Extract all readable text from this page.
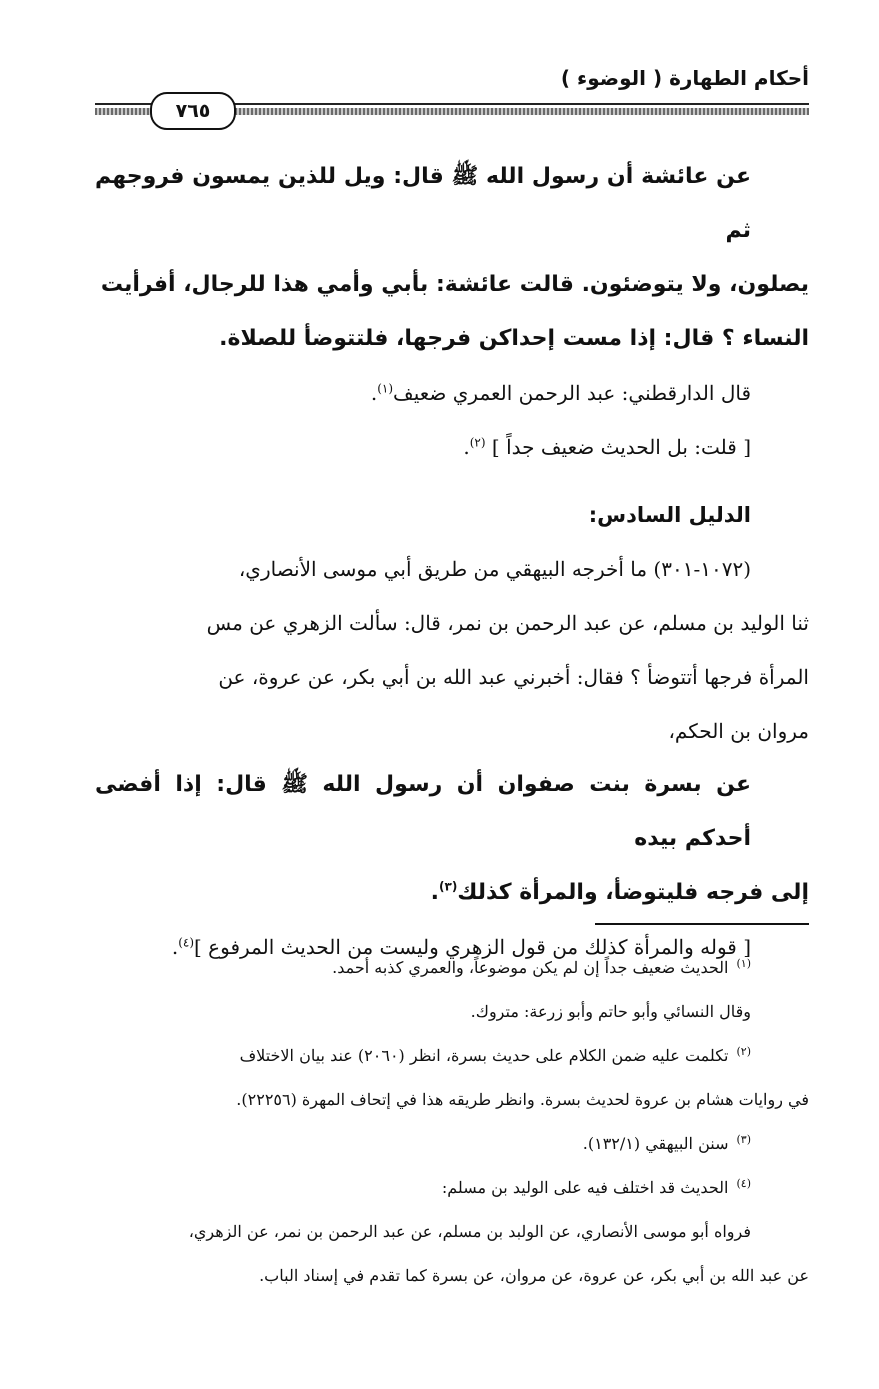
أحكام الطهارة ( الوضوء )
٧٦٥

عن عائشة أن رسول الله ﷺ قال: ويل للذين يمسون فروجهم ثم

يصلون، ولا يتوضئون. قالت عائشة: بأبي وأمي هذا للرجال، أفرأيت

النساء ؟ قال: إذا مست إحداكن فرجها، فلتتوضأ للصلاة.

قال الدارقطني: عبد الرحمن العمري ضعيف$^{(١)}$.

[ قلت: بل الحديث ضعيف جداً ] $^{(٢)}$.

الدليل السادس:

(١٠٧٢-٣٠١) ما أخرجه البيهقي من طريق أبي موسى الأنصاري،

ثنا الوليد بن مسلم، عن عبد الرحمن بن نمر، قال: سألت الزهري عن مس

المرأة فرجها أتتوضأ ؟ فقال: أخبرني عبد الله بن أبي بكر، عن عروة، عن

مروان بن الحكم،

عن بسرة بنت صفوان أن رسول الله ﷺ قال: إذا أفضى أحدكم بيده

إلى فرجه فليتوضأ، والمرأة كذلك$^{(٣)}$.

[ قوله والمرأة كذلك من قول الزهري وليست من الحديث المرفوع ]$^{(٤)}$.

$^{(١)}$الحديث ضعيف جداً إن لم يكن موضوعاً، والعمري كذبه أحمد.

وقال النسائي وأبو حاتم وأبو زرعة: متروك.

$^{(٢)}$تكلمت عليه ضمن الكلام على حديث بسرة، انظر (٢٠٦٠) عند بيان الاختلاف

في روايات هشام بن عروة لحديث بسرة. وانظر طريقه هذا في إتحاف المهرة (٢٢٢٥٦).

$^{(٣)}$سنن البيهقي (١٣٢/١).

$^{(٤)}$الحديث قد اختلف فيه على الوليد بن مسلم:

فرواه أبو موسى الأنصاري، عن الولبد بن مسلم، عن عبد الرحمن بن نمر، عن الزهري،

عن عبد الله بن أبي بكر، عن عروة، عن مروان، عن بسرة كما تقدم في إسناد الباب.
